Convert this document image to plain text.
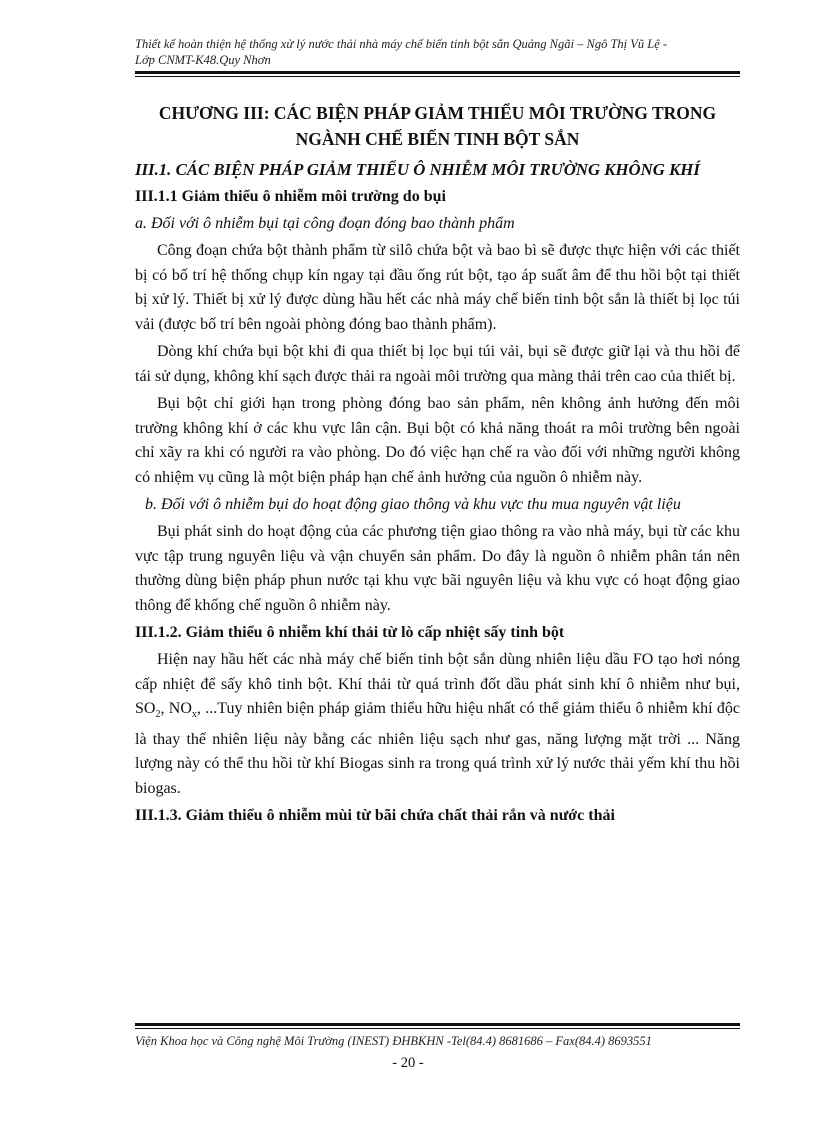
Thiết kế hoàn thiện hệ thống xử lý nước thải nhà máy chế biến tinh bột sắn Quảng Ngãi – Ngô Thị Vũ Lệ -
Lớp CNMT-K48.Quy Nhơn
CHƯƠNG III: CÁC BIỆN PHÁP GIẢM THIỂU MÔI TRƯỜNG TRONG
NGÀNH CHẾ BIẾN TINH BỘT SẮN
III.1. CÁC BIỆN PHÁP GIẢM THIỂU Ô NHIỄM MÔI TRƯỜNG KHÔNG KHÍ
III.1.1 Giảm thiểu ô nhiễm môi trường do bụi
a. Đối với ô nhiễm bụi tại công đoạn đóng bao thành phẩm

Công đoạn chứa bột thành phẩm từ silô chứa bột và bao bì sẽ được thực hiện với các thiết bị có bố trí hệ thống chụp kín ngay tại đầu ống rút bột, tạo áp suất âm để thu hồi bột tại thiết bị xử lý. Thiết bị xử lý được dùng hầu hết các nhà máy chế biến tinh bột sắn là thiết bị lọc túi vải (được bố trí bên ngoài phòng đóng bao thành phẩm).

Dòng khí chứa bụi bột khi đi qua thiết bị lọc bụi túi vải, bụi sẽ được giữ lại và thu hồi để tái sử dụng, không khí sạch được thải ra ngoài môi trường qua màng thải trên cao của thiết bị.

Bụi bột chỉ giới hạn trong phòng đóng bao sản phẩm, nên không ảnh hưởng đến môi trường không khí ở các khu vực lân cận. Bụi bột có khả năng thoát ra môi trường bên ngoài chỉ xãy ra khi có người ra vào phòng. Do đó việc hạn chế ra vào đối với những người không có nhiệm vụ cũng là một biện pháp hạn chế ảnh hưởng của nguồn ô nhiễm này.

b. Đối với ô nhiễm bụi do hoạt động giao thông và khu vực thu mua nguyên vật liệu

Bụi phát sinh do hoạt động của các phương tiện giao thông ra vào nhà máy, bụi từ các khu vực tập trung nguyên liệu và vận chuyển sản phẩm. Do đây là nguồn ô nhiễm phân tán nên thường dùng biện pháp phun nước tại khu vực bãi nguyên liệu và khu vực có hoạt động giao thông để khống chế nguồn ô nhiễm này.

III.1.2. Giảm thiểu ô nhiễm khí thải từ lò cấp nhiệt sấy tinh bột

Hiện nay hầu hết các nhà máy chế biến tinh bột sắn dùng nhiên liệu dầu FO tạo hơi nóng cấp nhiệt để sấy khô tinh bột. Khí thải từ quá trình đốt dầu phát sinh khí ô nhiễm như bụi, $SO_2$, $NO_x$, ...Tuy nhiên biện pháp giảm thiểu hữu hiệu nhất có thể giảm thiểu ô nhiễm khí độc là thay thế nhiên liệu này bằng các nhiên liệu sạch như gas, năng lượng mặt trời ... Năng lượng này có thể thu hồi từ khí Biogas sinh ra trong quá trình xử lý nước thải yếm khí thu hồi biogas.

III.1.3. Giảm thiểu ô nhiễm mùi từ bãi chứa chất thải rắn và nước thải
Viện Khoa học và Công nghệ Môi Trường (INEST) ĐHBKHN -Tel(84.4) 8681686 – Fax(84.4) 8693551
- 20 -
